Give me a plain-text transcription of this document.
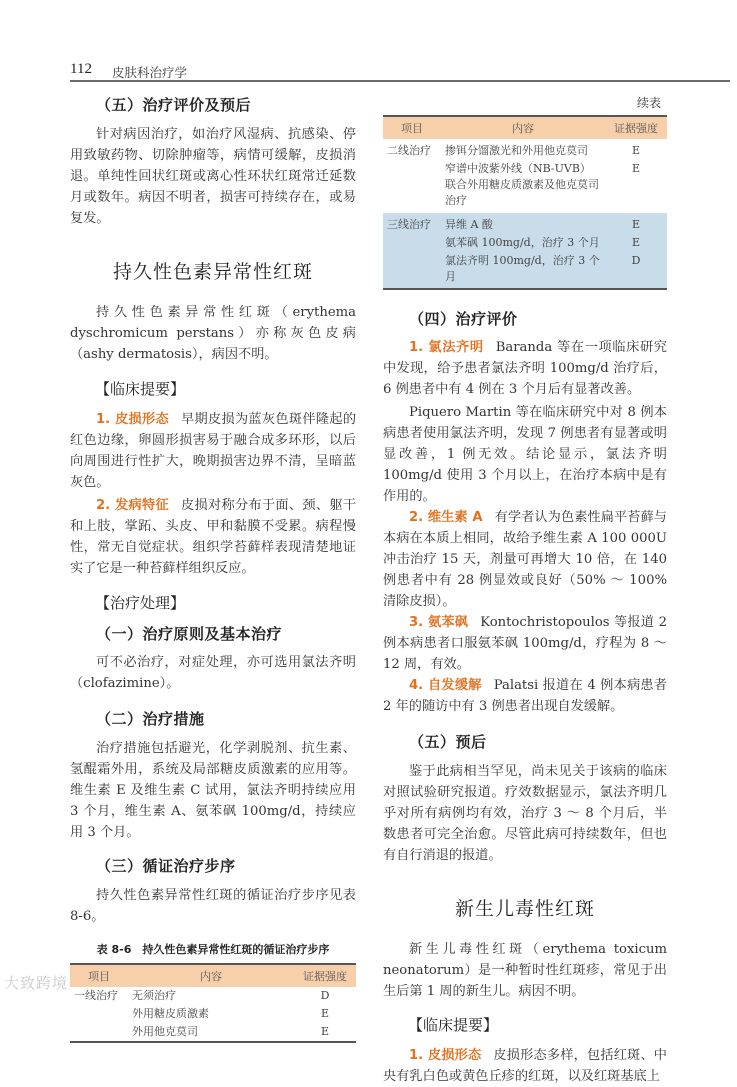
112 皮肤科治疗学
（五）治疗评价及预后

针对病因治疗，如治疗风湿病、抗感染、停用致敏药物、切除肿瘤等，病情可缓解，皮损消退。单纯性回状红斑或离心性环状红斑常迁延数月或数年。病因不明者，损害可持续存在，或易复发。

持久性色素异常性红斑

持久性色素异常性红斑（erythema dyschromicum perstans）亦称灰色皮病（ashy dermatosis），病因不明。

【临床提要】

1. 皮损形态 早期皮损为蓝灰色斑伴隆起的红色边缘，卵圆形损害易于融合成多环形，以后向周围进行性扩大，晚期损害边界不清，呈暗蓝灰色。

2. 发病特征 皮损对称分布于面、颈、躯干和上肢，掌跖、头皮、甲和黏膜不受累。病程慢性，常无自觉症状。组织学苔藓样表现清楚地证实了它是一种苔藓样组织反应。

【治疗处理】
（一）治疗原则及基本治疗

可不必治疗，对症处理，亦可选用氯法齐明（clofazimine）。

（二）治疗措施

治疗措施包括避光，化学剥脱剂、抗生素、氢醌霜外用，系统及局部糖皮质激素的应用等。维生素 E 及维生素 C 试用，氯法齐明持续应用 3 个月，维生素 A、氨苯砜 100mg/d，持续应用 3 个月。

（三）循证治疗步序

持久性色素异常性红斑的循证治疗步序见表 8-6。

表 8-6　持久性色素异常性红斑的循证治疗步序
项目	内容	证据强度
一线治疗	无须治疗	D
	外用糖皮质激素	E
	外用他克莫司	E
续表
项目	内容	证据强度
二线治疗	掺铒分馏激光和外用他克莫司	E
	窄谱中波紫外线（NB-UVB）联合外用糖皮质激素及他克莫司治疗	E
三线治疗	异维 A 酸	E
	氨苯砜 100mg/d，治疗 3 个月	E
	氯法齐明 100mg/d，治疗 3 个月	D
（四）治疗评价

1. 氯法齐明 Baranda 等在一项临床研究中发现，给予患者氯法齐明 100mg/d 治疗后，6 例患者中有 4 例在 3 个月后有显著改善。

Piquero Martin 等在临床研究中对 8 例本病患者使用氯法齐明，发现 7 例患者有显著或明显改善，1 例无效。结论显示，氯法齐明 100mg/d 使用 3 个月以上，在治疗本病中是有作用的。

2. 维生素 A 有学者认为色素性扁平苔藓与本病在本质上相同，故给予维生素 A 100 000U 冲击治疗 15 天，剂量可再增大 10 倍，在 140 例患者中有 28 例显效或良好（50% ～ 100% 清除皮损）。

3. 氨苯砜 Kontochristopoulos 等报道 2 例本病患者口服氨苯砜 100mg/d，疗程为 8 ～ 12 周，有效。

4. 自发缓解 Palatsi 报道在 4 例本病患者 2 年的随访中有 3 例患者出现自发缓解。

（五）预后

鉴于此病相当罕见，尚未见关于该病的临床对照试验研究报道。疗效数据显示，氯法齐明几乎对所有病例均有效，治疗 3 ～ 8 个月后，半数患者可完全治愈。尽管此病可持续数年，但也有自行消退的报道。

新生儿毒性红斑

新生儿毒性红斑（erythema toxicum neonatorum）是一种暂时性红斑疹，常见于出生后第 1 周的新生儿。病因不明。

【临床提要】

1. 皮损形态 皮损形态多样，包括红斑、中央有乳白色或黄色丘疹的红斑，以及红斑基底上

大致跨境
